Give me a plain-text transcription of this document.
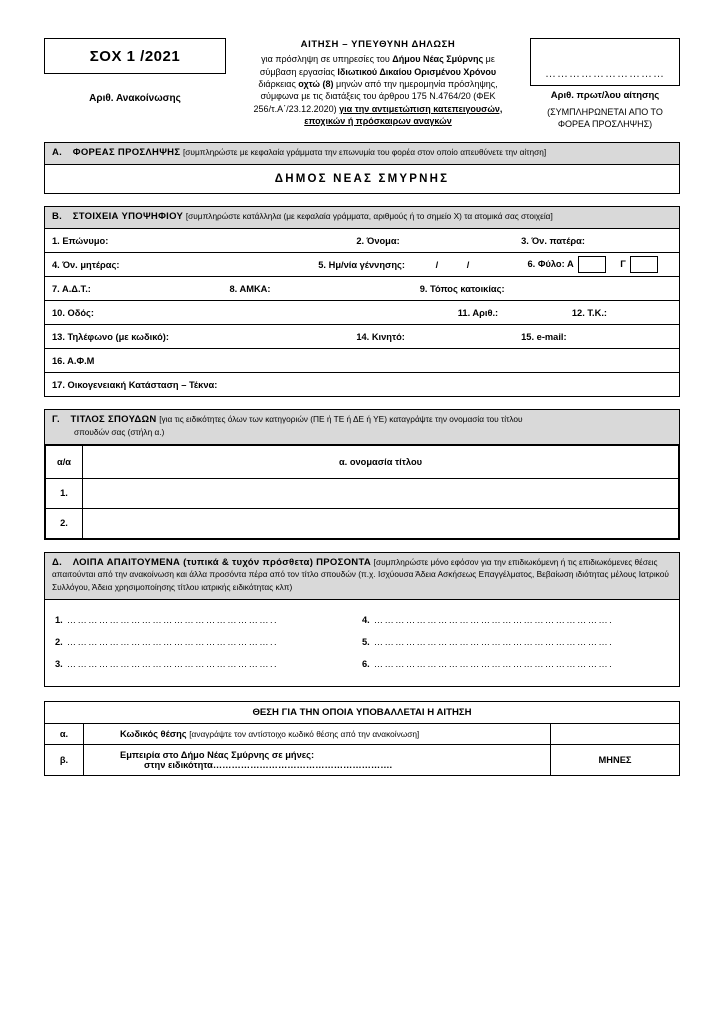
ΣΟΧ 1 /2021
Αριθ. Ανακοίνωσης
ΑΙΤΗΣΗ – ΥΠΕΥΘΥΝΗ ΔΗΛΩΣΗ
για πρόσληψη σε υπηρεσίες του Δήμου Νέας Σμύρνης με
σύμβαση εργασίας Ιδιωτικού Δικαίου Ορισμένου Χρόνου
διάρκειας οχτώ (8) μηνών από την ημερομηνία πρόσληψης,
σύμφωνα με τις διατάξεις του άρθρου 175 Ν.4764/20 (ΦΕΚ
256/τ.Α΄/23.12.2020) για την αντιμετώπιση κατεπειγουσών,
εποχικών ή πρόσκαιρων αναγκών
…………………………
Αριθ. πρωτ/λου αίτησης
(ΣΥΜΠΛΗΡΩΝΕΤΑΙ ΑΠΟ ΤΟ
ΦΟΡΕΑ ΠΡΟΣΛΗΨΗΣ)
Α. ΦΟΡΕΑΣ ΠΡΟΣΛΗΨΗΣ [συμπληρώστε με κεφαλαία γράμματα την επωνυμία του φορέα στον οποίο απευθύνετε την αίτηση]
ΔΗΜΟΣ ΝΕΑΣ ΣΜΥΡΝΗΣ
Β. ΣΤΟΙΧΕΙΑ ΥΠΟΨΗΦΙΟΥ [συμπληρώστε κατάλληλα (με κεφαλαία γράμματα, αριθμούς ή το σημείο Χ) τα ατομικά σας στοιχεία]
1. Επώνυμο:	2. Όνομα:	3. Όν. πατέρα:
4. Όν. μητέρας:	5. Ημ/νία γέννησης:	/	/	6. Φύλο: Α	Γ
7. Α.Δ.Τ.:	8. ΑΜΚΑ:	9. Τόπος κατοικίας:
10. Οδός:	11. Αριθ.:	12. Τ.Κ.:
13. Τηλέφωνο (με κωδικό):	14. Κινητό:	15. e-mail:
16. Α.Φ.Μ
17. Οικογενειακή Κατάσταση – Τέκνα:
Γ. ΤΙΤΛΟΣ ΣΠΟΥΔΩΝ [για τις ειδικότητες όλων των κατηγοριών (ΠΕ ή ΤΕ ή ΔΕ ή ΥΕ) καταγράψτε την ονομασία του τίτλου
σπουδών σας (στήλη α.)
α/α	α. ονομασία τίτλου
1.	
2.	
Δ. ΛΟΙΠΑ ΑΠΑΙΤΟΥΜΕΝΑ (τυπικά & τυχόν πρόσθετα) ΠΡΟΣΟΝΤΑ [συμπληρώστε μόνο εφόσον για την επιδιωκόμενη ή τις επιδιωκόμενες θέσεις απαιτούνται από την ανακοίνωση και άλλα προσόντα πέρα από τον τίτλο σπουδών (π.χ. Ισχύουσα Άδεια Ασκήσεως Επαγγέλματος, Βεβαίωση ιδιότητας μέλους Ιατρικού Συλλόγου, Άδεια χρησιμοποίησης τίτλου ιατρικής ειδικότητας κλπ)
1. …………………………………………………..	4. ………………………………………………………….
2. …………………………………………………..	5. ………………………………………………………….
3. …………………………………………………..	6. ………………………………………………………….
ΘΕΣΗ ΓΙΑ ΤΗΝ ΟΠΟΙΑ ΥΠΟΒΑΛΛΕΤΑΙ Η ΑΙΤΗΣΗ		
α.	Κωδικός θέσης [αναγράψτε τον αντίστοιχο κωδικό θέσης από την ανακοίνωση]	

β.	Εμπειρία στο Δήμο Νέας Σμύρνης σε μήνες:
στην ειδικότητα………………………………………………….	ΜΗΝΕΣ
